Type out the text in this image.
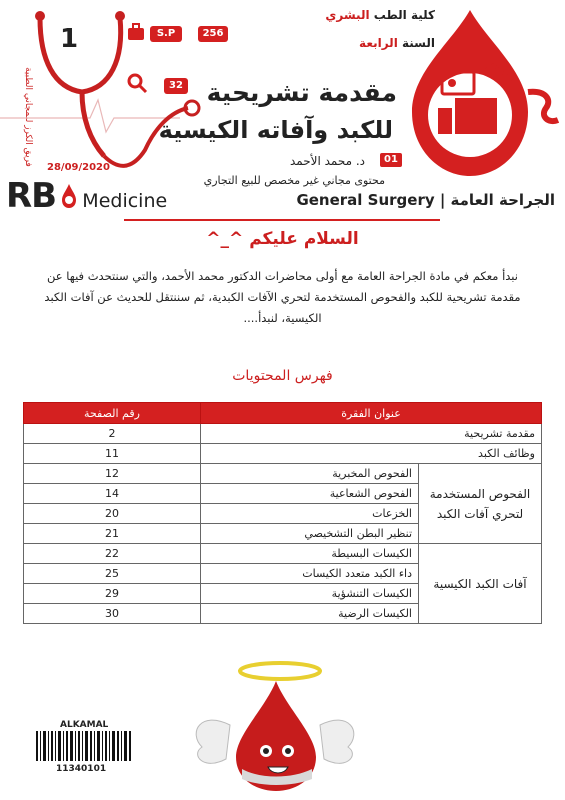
فريق الكرز للمجاني الطبية
1	S.P	256
32
28/09/2020
كلية الطب البشري
السنة الرابعة
مقدمة تشريحية
للكبد وآفاته الكيسية
01
د. محمد الأحمد
محتوى مجاني غير مخصص للبيع التجاري
الجراحة العامة | General Surgery
RB Medicine
السلام عليكم ^_^
نبدأ معكم في مادة الجراحة العامة مع أولى محاضرات الدكتور محمد الأحمد، والتي سنتحدث فيها عن مقدمة تشريحية للكبد والفحوص المستخدمة لتحري الآفات الكبدية، ثم سننتقل للحديث عن آفات الكبد الكيسية، لنبدأ....
فهرس المحتويات
عنوان الفقرة		رقم الصفحة
مقدمة تشريحية		2
وظائف الكبد		11
الفحوص المستخدمة لتحري آفات الكبد	الفحوص المخبرية	12
	الفحوص الشعاعية	14
	الخزعات	20
	تنظير البطن التشخيصي	21
آفات الكبد الكيسية	الكيسات البسيطة	22
	داء الكبد متعدد الكيسات	25
	الكيسات التنشؤية	29
	الكيسات الرضية	30
ALKAMAL
11340101
